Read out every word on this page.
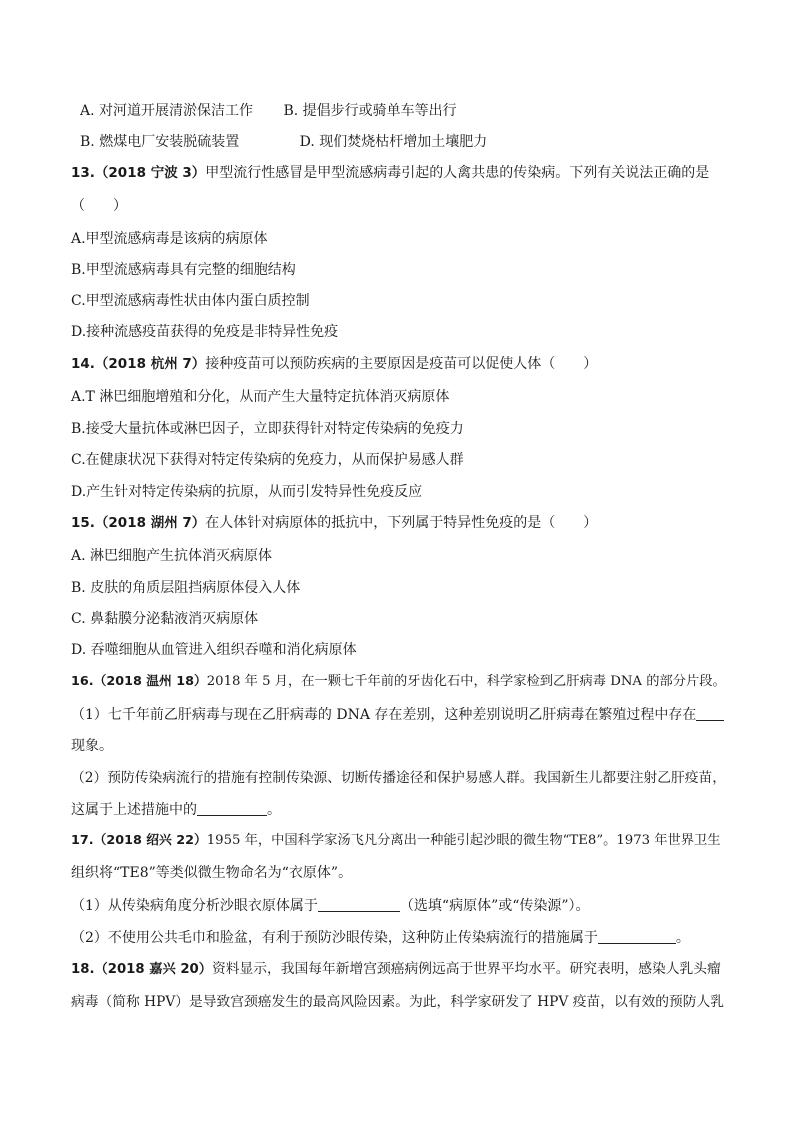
A. 对河道开展清淤保洁工作 B. 提倡步行或骑单车等出行
B. 燃煤电厂安装脱硫装置	D. 现们焚烧枯杆增加土壤肥力
13.（2018 宁波 3）甲型流行性感冒是甲型流感病毒引起的人禽共患的传染病。下列有关说法正确的是
（　　）
A.甲型流感病毒是该病的病原体
B.甲型流感病毒具有完整的细胞结构
C.甲型流感病毒性状由体内蛋白质控制
D.接种流感疫苗获得的免疫是非特异性免疫
14.（2018 杭州 7）接种疫苗可以预防疾病的主要原因是疫苗可以促使人体（　　）
A.T 淋巴细胞增殖和分化，从而产生大量特定抗体消灭病原体
B.接受大量抗体或淋巴因子，立即获得针对特定传染病的免疫力
C.在健康状况下获得对特定传染病的免疫力，从而保护易感人群
D.产生针对特定传染病的抗原，从而引发特异性免疫反应
15.（2018 湖州 7）在人体针对病原体的抵抗中，下列属于特异性免疫的是（　　）
A. 淋巴细胞产生抗体消灭病原体
B. 皮肤的角质层阻挡病原体侵入人体
C. 鼻黏膜分泌黏液消灭病原体
D. 吞噬细胞从血管进入组织吞噬和消化病原体
16.（2018 温州 18）2018 年 5 月，在一颗七千年前的牙齿化石中，科学家检到乙肝病毒 DNA 的部分片段。
（1）七千年前乙肝病毒与现在乙肝病毒的 DNA 存在差别，这种差别说明乙肝病毒在繁殖过程中存在
现象。
（2）预防传染病流行的措施有控制传染源、切断传播途径和保护易感人群。我国新生儿都要注射乙肝疫苗，
这属于上述措施中的	。
17.（2018 绍兴 22）1955 年，中国科学家汤飞凡分离出一种能引起沙眼的微生物“TE8”。1973 年世界卫生
组织将“TE8”等类似微生物命名为“衣原体”。
（1）从传染病角度分析沙眼衣原体属于	（选填“病原体”或“传染源”）。
（2）不使用公共毛巾和脸盆，有利于预防沙眼传染，这种防止传染病流行的措施属于	。
18.（2018 嘉兴 20）资料显示，我国每年新增宫颈癌病例远高于世界平均水平。研究表明，感染人乳头瘤
病毒（简称 HPV）是导致宫颈癌发生的最高风险因素。为此，科学家研发了 HPV 疫苗，以有效的预防人乳
